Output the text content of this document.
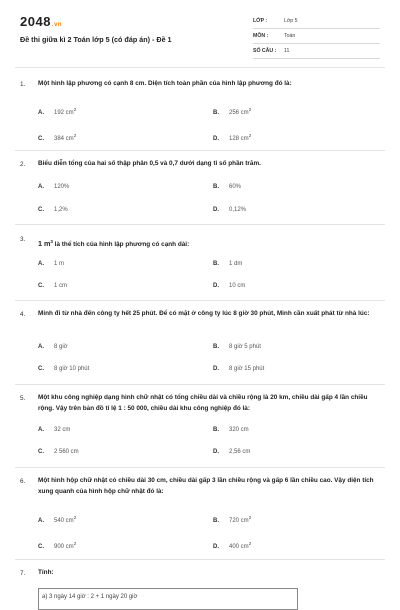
2048.vn
Đề thi giữa kì 2 Toán lớp 5 (có đáp án) - Đề 1
LỚP :	Lớp 5
MÔN :	Toán
SỐ CÂU : 11
1. Một hình lập phương có cạnh 8 cm. Diện tích toàn phần của hình lập phương đó là:
A. 192 $cm^2$
B. 256 $cm^2$
C. 384 $cm^2$
D. 128 $cm^2$
2. Biểu diễn tổng của hai số thập phân 0,5 và 0,7 dưới dạng tỉ số phần trăm.
A. 120%	B. 60%
C. 1,2%	D. 0,12%
3. 1 $m^3$ là thể tích của hình lập phương có cạnh dài:
A. 1 m	B. 1 dm
C. 1 cm	D. 10 cm
4. Minh đi từ nhà đến công ty hết 25 phút. Để có mặt ở công ty lúc 8 giờ 30 phút, Minh cần xuất phát từ nhà lúc:
A. 8 giờ	B. 8 giờ 5 phút
C. 8 giờ 10 phút	D. 8 giờ 15 phút
5. Một khu công nghiệp dạng hình chữ nhật có tổng chiều dài và chiều rộng là 20 km, chiều dài gấp 4 lần chiều rộng. Vậy trên bản đồ tỉ lệ 1 : 50 000, chiều dài khu công nghiệp đó là:
A. 32 cm	B. 320 cm
C. 2 560 cm	D. 2,56 cm
6. Một hình hộp chữ nhật có chiều dài 30 cm, chiều dài gấp 3 lần chiều rộng và gấp 6 lần chiều cao. Vậy diện tích xung quanh của hình hộp chữ nhật đó là:
A. 540 $cm^2$
B. 720 $cm^2$
C. 900 $cm^2$
D. 400 $cm^2$
7. Tính:
a) 3 ngày 14 giờ : 2 + 1 ngày 20 giờ
